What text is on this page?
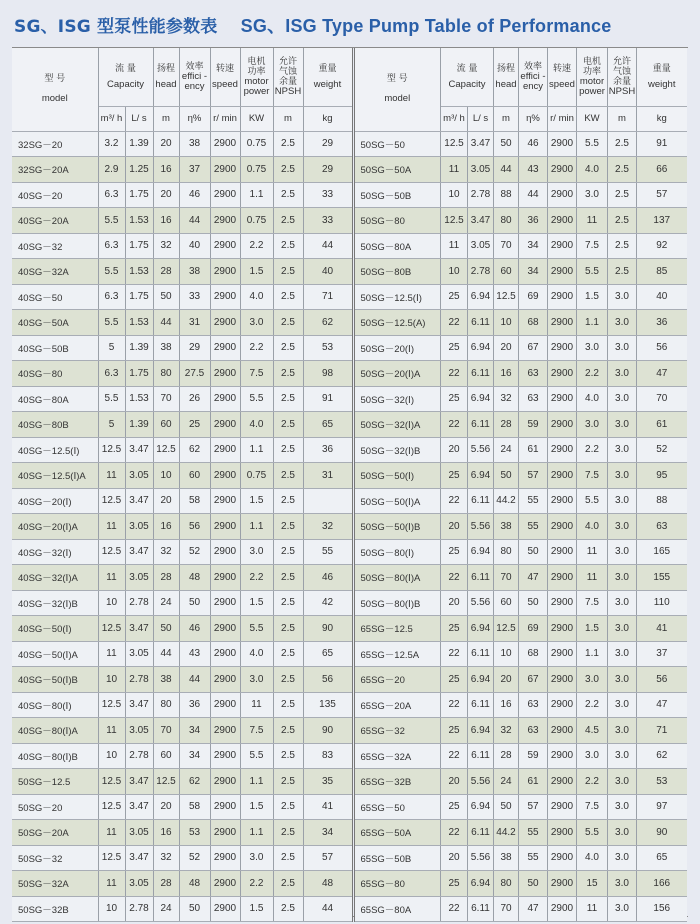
SG、ISG 型泵性能参数表 SG、ISG Type Pump Table of Performance
型 号
model	流 量
Capacity		扬程
head	效率
effici -
ency	转速
speed	电机
功率
motor
power	允许
气蚀
余量
NPSH	重量
weight

	m³/ h	L/ s	m	η%	r/ min	KW	m	kg
32SG－20	3.2	1.39	20	38	2900	0.75	2.5	29
32SG－20A	2.9	1.25	16	37	2900	0.75	2.5	29
40SG－20	6.3	1.75	20	46	2900	1.1	2.5	33
40SG－20A	5.5	1.53	16	44	2900	0.75	2.5	33
40SG－32	6.3	1.75	32	40	2900	2.2	2.5	44
40SG－32A	5.5	1.53	28	38	2900	1.5	2.5	40
40SG－50	6.3	1.75	50	33	2900	4.0	2.5	71
40SG－50A	5.5	1.53	44	31	2900	3.0	2.5	62
40SG－50B	5	1.39	38	29	2900	2.2	2.5	53
40SG－80	6.3	1.75	80	27.5	2900	7.5	2.5	98
40SG－80A	5.5	1.53	70	26	2900	5.5	2.5	91
40SG－80B	5	1.39	60	25	2900	4.0	2.5	65
40SG－12.5(Ⅰ)	12.5	3.47	12.5	62	2900	1.1	2.5	36
40SG－12.5(Ⅰ)A	11	3.05	10	60	2900	0.75	2.5	31
40SG－20(Ⅰ)	12.5	3.47	20	58	2900	1.5	2.5	
40SG－20(Ⅰ)A	11	3.05	16	56	2900	1.1	2.5	32
40SG－32(Ⅰ)	12.5	3.47	32	52	2900	3.0	2.5	55
40SG－32(Ⅰ)A	11	3.05	28	48	2900	2.2	2.5	46
40SG－32(Ⅰ)B	10	2.78	24	50	2900	1.5	2.5	42
40SG－50(Ⅰ)	12.5	3.47	50	46	2900	5.5	2.5	90
40SG－50(Ⅰ)A	11	3.05	44	43	2900	4.0	2.5	65
40SG－50(Ⅰ)B	10	2.78	38	44	2900	3.0	2.5	56
40SG－80(Ⅰ)	12.5	3.47	80	36	2900	11	2.5	135
40SG－80(Ⅰ)A	11	3.05	70	34	2900	7.5	2.5	90
40SG－80(Ⅰ)B	10	2.78	60	34	2900	5.5	2.5	83
50SG－12.5	12.5	3.47	12.5	62	2900	1.1	2.5	35
50SG－20	12.5	3.47	20	58	2900	1.5	2.5	41
50SG－20A	11	3.05	16	53	2900	1.1	2.5	34
50SG－32	12.5	3.47	32	52	2900	3.0	2.5	57
50SG－32A	11	3.05	28	48	2900	2.2	2.5	48
50SG－32B	10	2.78	24	50	2900	1.5	2.5	44
型 号
model	流 量
Capacity		扬程
head	效率
effici -
ency	转速
speed	电机
功率
motor
power	允许
气蚀
余量
NPSH	重量
weight

	m³/ h	L/ s	m	η%	r/ min	KW	m	kg
50SG－50	12.5	3.47	50	46	2900	5.5	2.5	91
50SG－50A	11	3.05	44	43	2900	4.0	2.5	66
50SG－50B	10	2.78	88	44	2900	3.0	2.5	57
50SG－80	12.5	3.47	80	36	2900	11	2.5	137
50SG－80A	11	3.05	70	34	2900	7.5	2.5	92
50SG－80B	10	2.78	60	34	2900	5.5	2.5	85
50SG－12.5(Ⅰ)	25	6.94	12.5	69	2900	1.5	3.0	40
50SG－12.5(A)	22	6.11	10	68	2900	1.1	3.0	36
50SG－20(Ⅰ)	25	6.94	20	67	2900	3.0	3.0	56
50SG－20(Ⅰ)A	22	6.11	16	63	2900	2.2	3.0	47
50SG－32(Ⅰ)	25	6.94	32	63	2900	4.0	3.0	70
50SG－32(Ⅰ)A	22	6.11	28	59	2900	3.0	3.0	61
50SG－32(Ⅰ)B	20	5.56	24	61	2900	2.2	3.0	52
50SG－50(Ⅰ)	25	6.94	50	57	2900	7.5	3.0	95
50SG－50(Ⅰ)A	22	6.11	44.2	55	2900	5.5	3.0	88
50SG－50(Ⅰ)B	20	5.56	38	55	2900	4.0	3.0	63
50SG－80(Ⅰ)	25	6.94	80	50	2900	11	3.0	165
50SG－80(Ⅰ)A	22	6.11	70	47	2900	11	3.0	155
50SG－80(Ⅰ)B	20	5.56	60	50	2900	7.5	3.0	110
65SG－12.5	25	6.94	12.5	69	2900	1.5	3.0	41
65SG－12.5A	22	6.11	10	68	2900	1.1	3.0	37
65SG－20	25	6.94	20	67	2900	3.0	3.0	56
65SG－20A	22	6.11	16	63	2900	2.2	3.0	47
65SG－32	25	6.94	32	63	2900	4.5	3.0	71
65SG－32A	22	6.11	28	59	2900	3.0	3.0	62
65SG－32B	20	5.56	24	61	2900	2.2	3.0	53
65SG－50	25	6.94	50	57	2900	7.5	3.0	97
65SG－50A	22	6.11	44.2	55	2900	5.5	3.0	90
65SG－50B	20	5.56	38	55	2900	4.0	3.0	65
65SG－80	25	6.94	80	50	2900	15	3.0	166
65SG－80A	22	6.11	70	47	2900	11	3.0	156
